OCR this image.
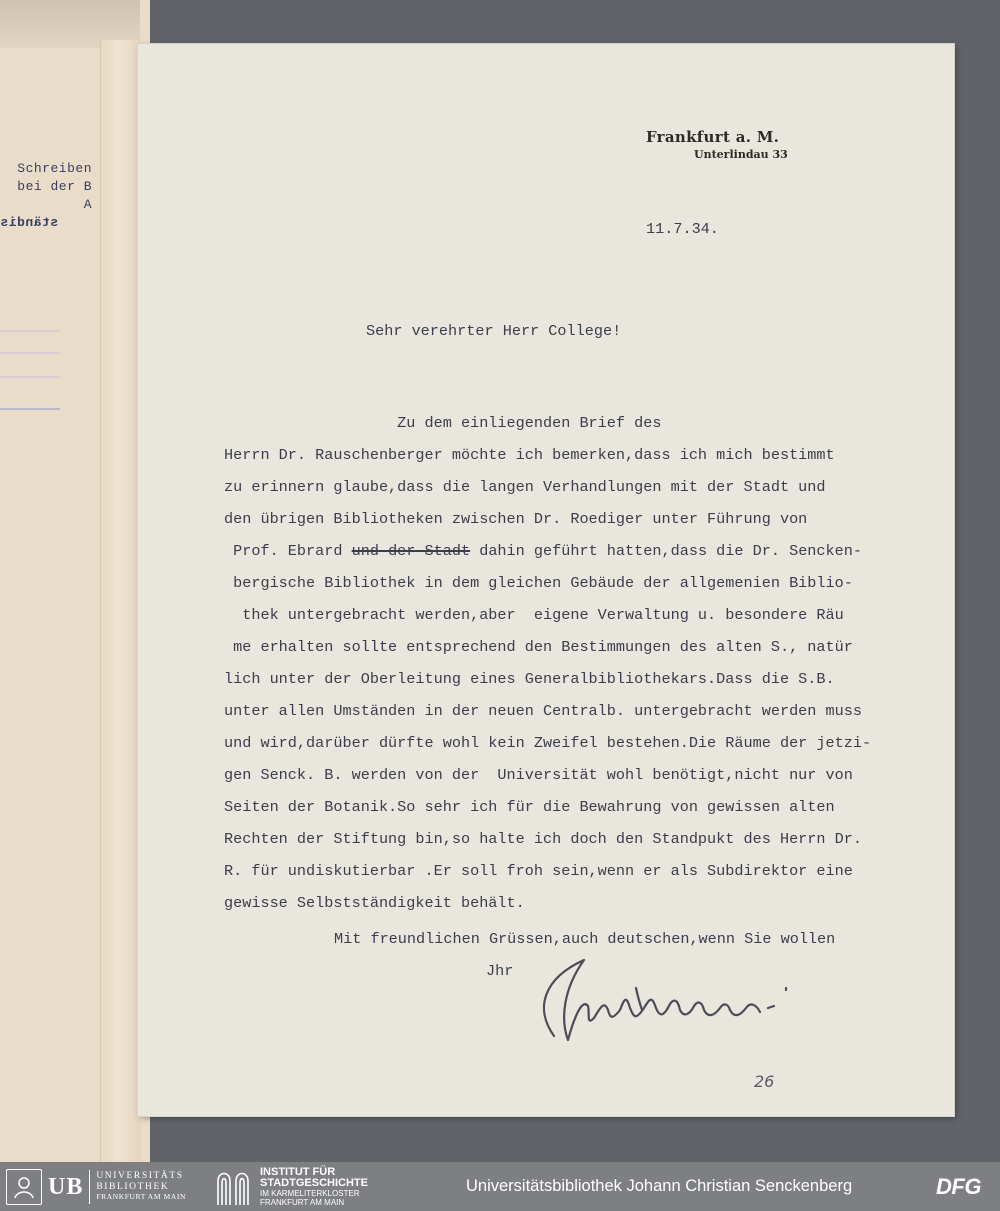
Schreiben
bei der B
A
ständis
Frankfurt a. M.
Unterlindau 33
11.7.34.
Sehr verehrter Herr College!
Zu dem einliegenden Brief des
Herrn Dr. Rauschenberger möchte ich bemerken,dass ich mich bestimmt
zu erinnern glaube,dass die langen Verhandlungen mit der Stadt und
den übrigen Bibliotheken zwischen Dr. Roediger unter Führung von
Prof. Ebrard und der Stadt dahin geführt hatten,dass die Dr. Sencken-
bergische Bibliothek in dem gleichen Gebäude der allgemenien Biblio-
thek untergebracht werden,aber  eigene Verwaltung u. besondere Räu
me erhalten sollte entsprechend den Bestimmungen des alten S., natür
lich unter der Oberleitung eines Generalbibliothekars.Dass die S.B.
unter allen Umständen in der neuen Centralb. untergebracht werden muss
und wird,darüber dürfte wohl kein Zweifel bestehen.Die Räume der jetzi-
gen Senck. B. werden von der  Universität wohl benötigt,nicht nur von
Seiten der Botanik.So sehr ich für die Bewahrung von gewissen alten
Rechten der Stiftung bin,so halte ich doch den Standpukt des Herrn Dr.
R. für undiskutierbar .Er soll froh sein,wenn er als Subdirektor eine
gewisse Selbstständigkeit behält.
Mit freundlichen Grüssen,auch deutschen,wenn Sie wollen
Jhr
26
UB UNIVERSITÄTS
BIBLIOTHEK
FRANKFURT AM MAIN
INSTITUT FÜR
STADTGESCHICHTE
IM KARMELITERKLOSTER
FRANKFURT AM MAIN
Universitätsbibliothek Johann Christian Senckenberg	DFG
